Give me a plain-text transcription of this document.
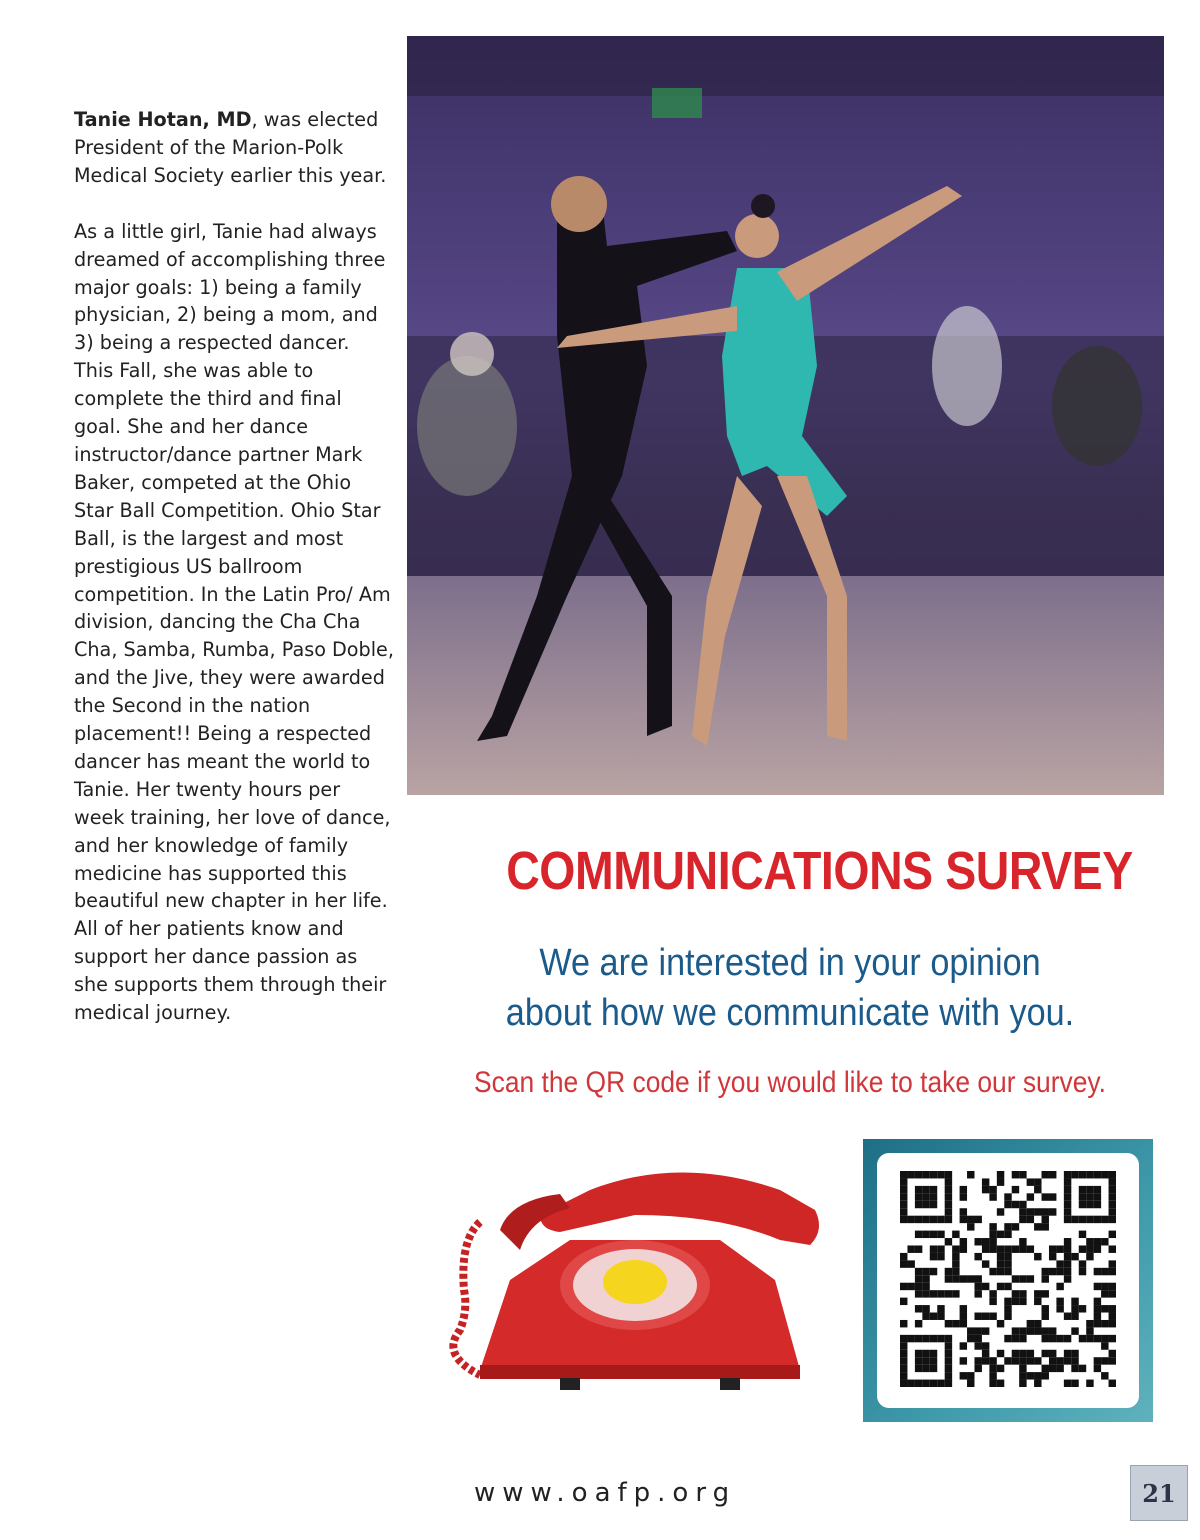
Tanie Hotan, MD, was elected President of the Marion-Polk Medical Society earlier this year.

As a little girl, Tanie had always dreamed of accomplishing three major goals: 1) being a family physician, 2) being a mom, and 3) being a respected dancer. This Fall, she was able to complete the third and final goal. She and her dance instructor/dance partner Mark Baker, competed at the Ohio Star Ball Competition. Ohio Star Ball, is the largest and most prestigious US ballroom competition. In the Latin Pro/ Am division, dancing the Cha Cha Cha, Samba, Rumba, Paso Doble, and the Jive, they were awarded the Second in the nation placement!! Being a respected dancer has meant the world to Tanie. Her twenty hours per week training, her love of dance, and her knowledge of family medicine has supported this beautiful new chapter in her life. All of her patients know and support her dance passion as she supports them through their medical journey.

COMMUNICATIONS SURVEY
We are interested in your opinion
about how we communicate with you.
Scan the QR code if you would like to take our survey.
www.oafp.org	21
